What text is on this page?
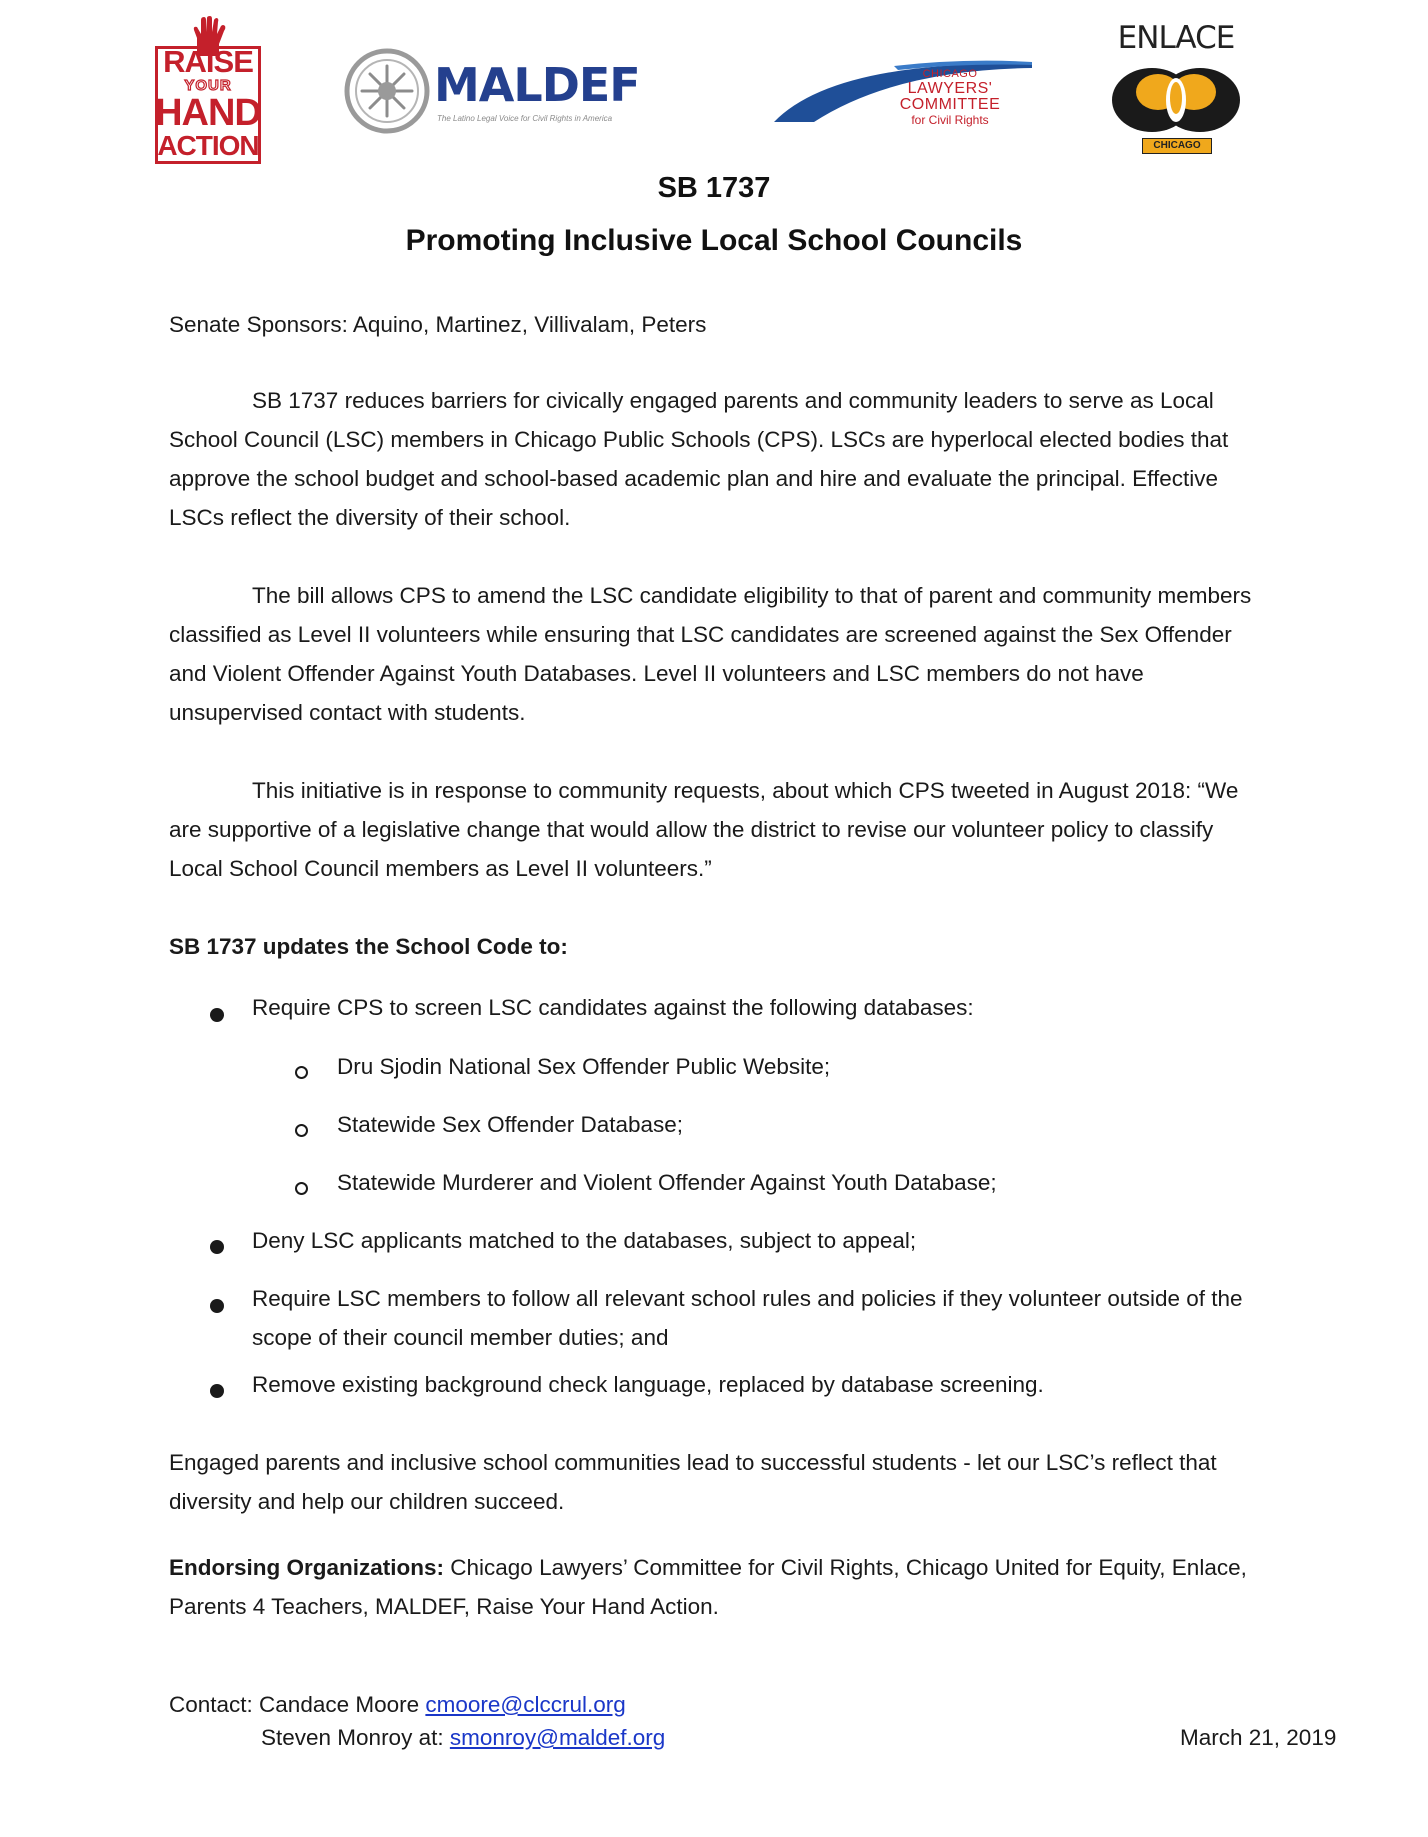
RAISE
YOUR
HAND
ACTION
MALDEF
The Latino Legal Voice for Civil Rights in America
CHICAGO
LAWYERS'
COMMITTEE
for Civil Rights
ENLACE
CHICAGO
SB 1737
Promoting Inclusive Local School Councils
Senate Sponsors: Aquino, Martinez, Villivalam, Peters
SB 1737 reduces barriers for civically engaged parents and community leaders to serve as Local School Council (LSC) members in Chicago Public Schools (CPS). LSCs are hyperlocal elected bodies that approve the school budget and school-based academic plan and hire and evaluate the principal. Effective LSCs reflect the diversity of their school.
The bill allows CPS to amend the LSC candidate eligibility to that of parent and community members classified as Level II volunteers while ensuring that LSC candidates are screened against the Sex Offender and Violent Offender Against Youth Databases. Level II volunteers and LSC members do not have unsupervised contact with students.
This initiative is in response to community requests, about which CPS tweeted in August 2018: “We are supportive of a legislative change that would allow the district to revise our volunteer policy to classify Local School Council members as Level II volunteers.”
SB 1737 updates the School Code to:
Require CPS to screen LSC candidates against the following databases:
Dru Sjodin National Sex Offender Public Website;
Statewide Sex Offender Database;
Statewide Murderer and Violent Offender Against Youth Database;
Deny LSC applicants matched to the databases, subject to appeal;
Require LSC members to follow all relevant school rules and policies if they volunteer outside of the scope of their council member duties; and
Remove existing background check language, replaced by database screening.
Engaged parents and inclusive school communities lead to successful students - let our LSC’s reflect that diversity and help our children succeed.
Endorsing Organizations: Chicago Lawyers’ Committee for Civil Rights, Chicago United for Equity, Enlace, Parents 4 Teachers, MALDEF, Raise Your Hand Action.
Contact: Candace Moore cmoore@clccrul.org
Steven Monroy at: smonroy@maldef.org	March 21, 2019
